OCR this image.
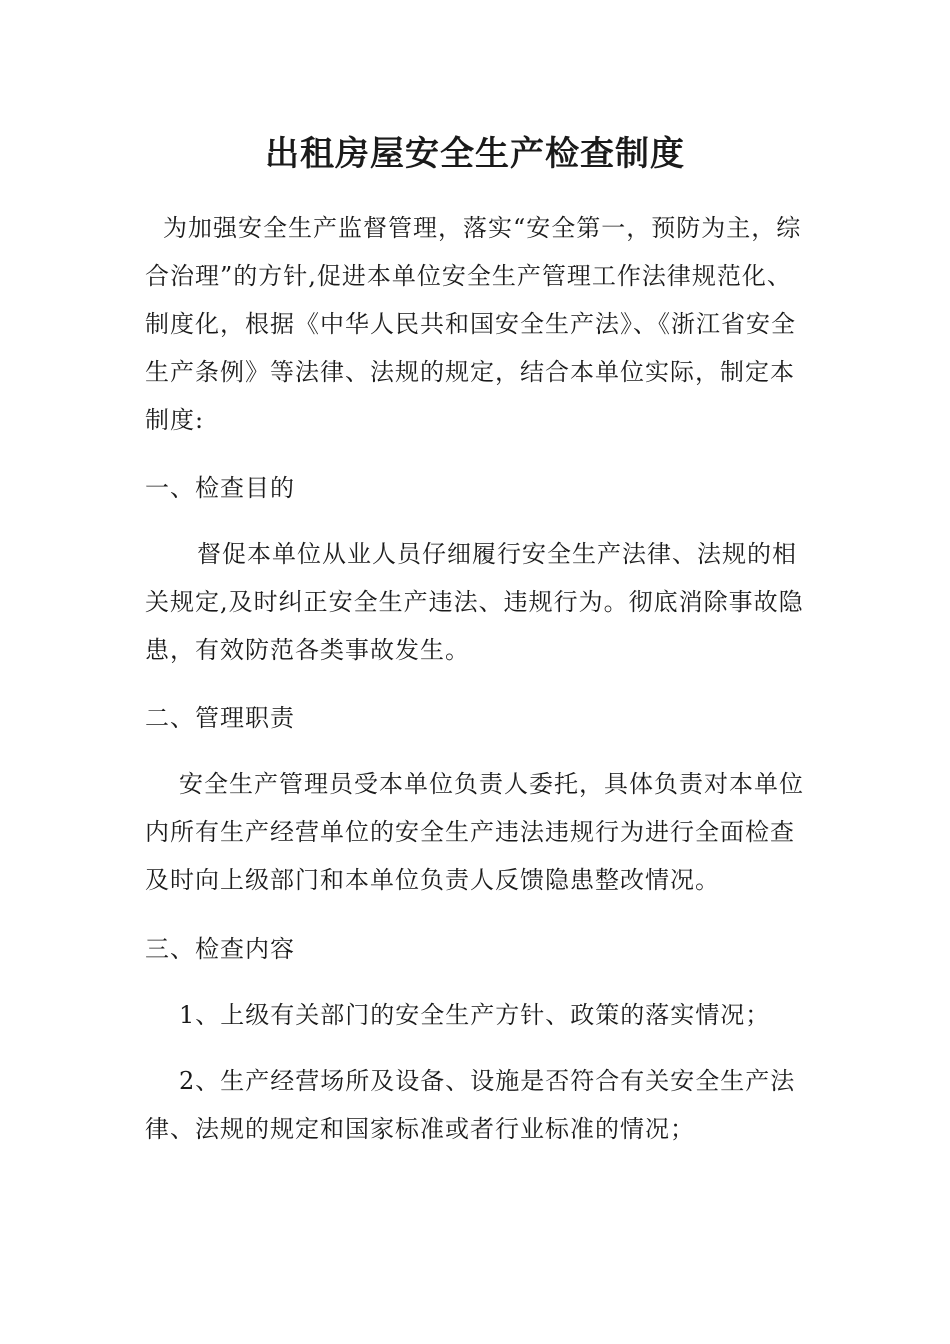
出租房屋安全生产检查制度

为加强安全生产监督管理，落实“安全第一，预防为主，综合治理”的方针,促进本单位安全生产管理工作法律规范化、制度化，根据《中华人民共和国安全生产法》、《浙江省安全生产条例》等法律、法规的规定，结合本单位实际，制定本制度:

一、检查目的

督促本单位从业人员仔细履行安全生产法律、法规的相关规定,及时纠正安全生产违法、违规行为。彻底消除事故隐患，有效防范各类事故发生。

二、管理职责

安全生产管理员受本单位负责人委托，具体负责对本单位内所有生产经营单位的安全生产违法违规行为进行全面检查及时向上级部门和本单位负责人反馈隐患整改情况。

三、检查内容

1、上级有关部门的安全生产方针、政策的落实情况；

2、生产经营场所及设备、设施是否符合有关安全生产法律、法规的规定和国家标准或者行业标准的情况；
